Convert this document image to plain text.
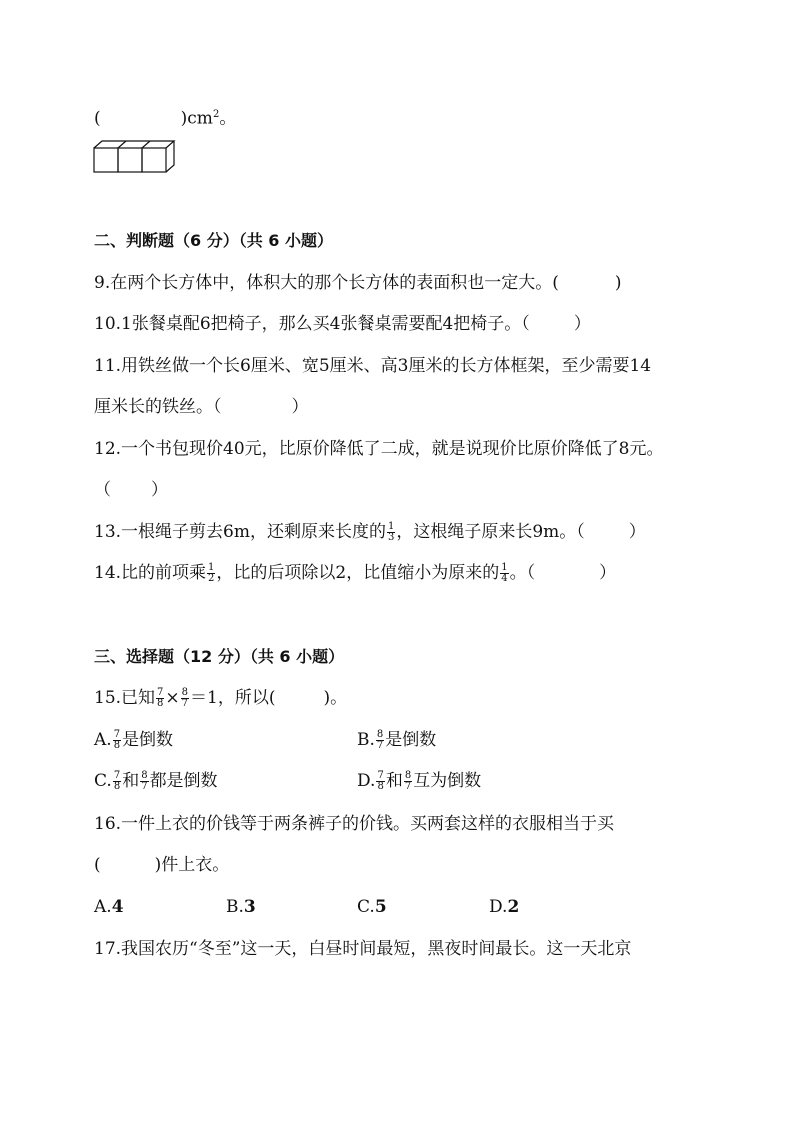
(	)$cm^2$。
二、判断题（6 分）（共 6 小题）
9.在两个长方体中，体积大的那个长方体的表面积也一定大。(	)
10.1张餐桌配6把椅子，那么买4张餐桌需要配4把椅子。（	）
11.用铁丝做一个长6厘米、宽5厘米、高3厘米的长方体框架，至少需要14
厘米长的铁丝。（	）
12.一个书包现价40元，比原价降低了二成，就是说现价比原价降低了8元。
（ ）
13.一根绳子剪去6m，还剩原来长度的 $\frac{1}{3}$ ，这根绳子原来长9m。（	）
14.比的前项乘 $\frac{1}{2}$ ，比的后项除以2，比值缩小为原来的 $\frac{1}{4}$ 。（	）
三、选择题（12 分）（共 6 小题）
15.已知 $\frac{7}{8} \times \frac{8}{7} =1$，所以(	)。
A. $\frac{7}{8}$ 是倒数	B. $\frac{8}{7}$ 是倒数
C. $\frac{7}{8}$ 和 $\frac{8}{7}$ 都是倒数	D. $\frac{7}{8}$ 和 $\frac{8}{7}$ 互为倒数
16.一件上衣的价钱等于两条裤子的价钱。买两套这样的衣服相当于买
(	)件上衣。
A.4	B.3	C.5	D.2
17.我国农历“冬至”这一天，白昼时间最短，黑夜时间最长。这一天北京
